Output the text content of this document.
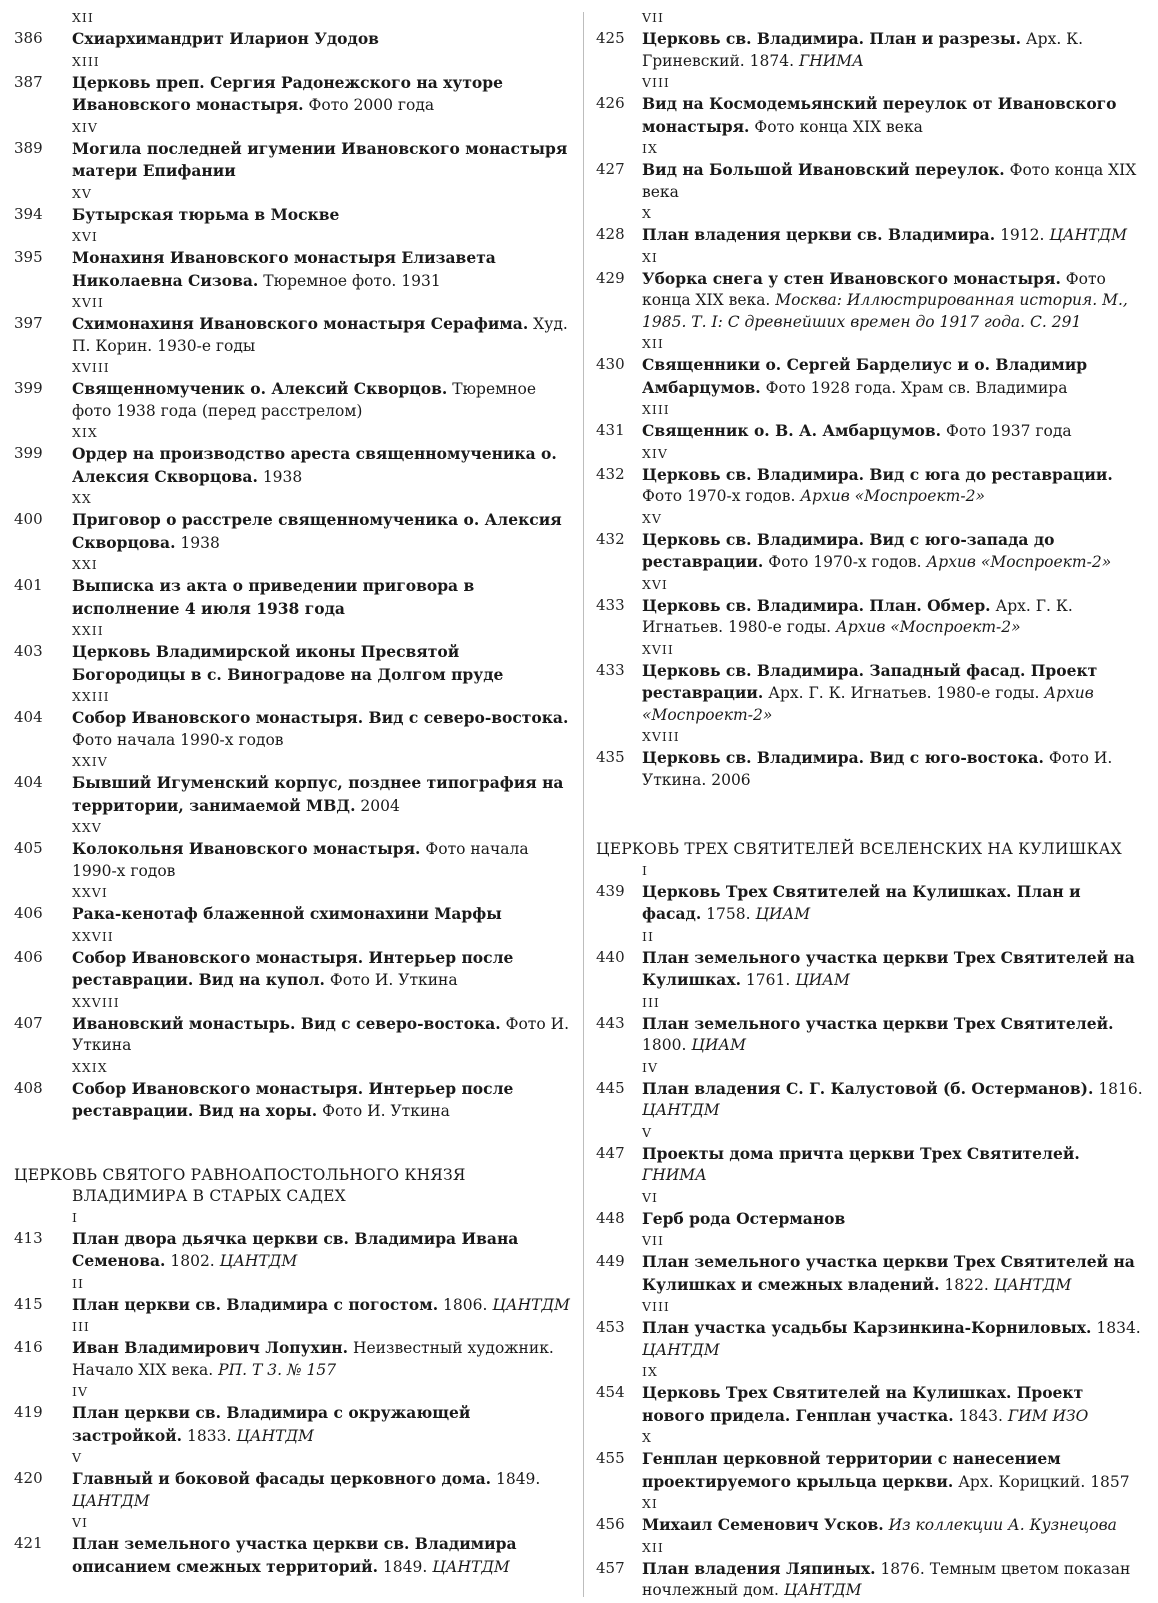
XII
386	Схиархимандрит Иларион Удодов
XIII
387	Церковь преп. Сергия Радонежского на хуторе Ивановского монастыря. Фото 2000 года
XIV
389	Могила последней игумении Ивановского монастыря матери Епифании
XV
394	Бутырская тюрьма в Москве
XVI
395	Монахиня Ивановского монастыря Елизавета Николаевна Сизова. Тюремное фото. 1931
XVII
397	Схимонахиня Ивановского монастыря Серафима. Худ. П. Корин. 1930-е годы
XVIII
399	Священномученик о. Алексий Скворцов. Тюремное фото 1938 года (перед расстрелом)
XIX
399	Ордер на производство ареста священномученика о. Алексия Скворцова. 1938
XX
400	Приговор о расстреле священномученика о. Алексия Скворцова. 1938
XXI
401	Выписка из акта о приведении приговора в исполнение 4 июля 1938 года
XXII
403	Церковь Владимирской иконы Пресвятой Богородицы в с. Виноградове на Долгом пруде
XXIII
404	Собор Ивановского монастыря. Вид с северо-востока. Фото начала 1990-х годов
XXIV
404	Бывший Игуменский корпус, позднее типография на территории, занимаемой МВД. 2004
XXV
405	Колокольня Ивановского монастыря. Фото начала 1990-х годов
XXVI
406	Рака-кенотаф блаженной схимонахини Марфы
XXVII
406	Собор Ивановского монастыря. Интерьер после реставрации. Вид на купол. Фото И. Уткина
XXVIII
407	Ивановский монастырь. Вид с северо-востока. Фото И. Уткина
XXIX
408	Собор Ивановского монастыря. Интерьер после реставрации. Вид на хоры. Фото И. Уткина
ЦЕРКОВЬ СВЯТОГО РАВНОАПОСТОЛЬНОГО КНЯЗЯ
ВЛАДИМИРА В СТАРЫХ САДЕХ
I
413	План двора дьячка церкви св. Владимира Ивана Семенова. 1802. ЦАНТДМ
II
415	План церкви св. Владимира с погостом. 1806. ЦАНТДМ
III
416	Иван Владимирович Лопухин. Неизвестный художник. Начало XIX века. РП. Т 3. № 157
IV
419	План церкви св. Владимира с окружающей застройкой. 1833. ЦАНТДМ
V
420	Главный и боковой фасады церковного дома. 1849. ЦАНТДМ
VI
421	План земельного участка церкви св. Владимира описанием смежных территорий. 1849. ЦАНТДМ
VII
425	Церковь св. Владимира. План и разрезы. Арх. К. Гриневский. 1874. ГНИМА
VIII
426	Вид на Космодемьянский переулок от Ивановского монастыря. Фото конца XIX века
IX
427	Вид на Большой Ивановский переулок. Фото конца XIX века
X
428	План владения церкви св. Владимира. 1912. ЦАНТДМ
XI
429	Уборка снега у стен Ивановского монастыря. Фото конца XIX века. Москва: Иллюстрированная история. М., 1985. Т. I: С древнейших времен до 1917 года. С. 291
XII
430	Священники о. Сергей Барделиус и о. Владимир Амбарцумов. Фото 1928 года. Храм св. Владимира
XIII
431	Священник о. В. А. Амбарцумов. Фото 1937 года
XIV
432	Церковь св. Владимира. Вид с юга до реставрации. Фото 1970-х годов. Архив «Моспроект-2»
XV
432	Церковь св. Владимира. Вид с юго-запада до реставрации. Фото 1970-х годов. Архив «Моспроект-2»
XVI
433	Церковь св. Владимира. План. Обмер. Арх. Г. К. Игнатьев. 1980-е годы. Архив «Моспроект-2»
XVII
433	Церковь св. Владимира. Западный фасад. Проект реставрации. Арх. Г. К. Игнатьев. 1980-е годы. Архив «Моспроект-2»
XVIII
435	Церковь св. Владимира. Вид с юго-востока. Фото И. Уткина. 2006
ЦЕРКОВЬ ТРЕХ СВЯТИТЕЛЕЙ ВСЕЛЕНСКИХ НА КУЛИШКАХ
I
439	Церковь Трех Святителей на Кулишках. План и фасад. 1758. ЦИАМ
II
440	План земельного участка церкви Трех Святителей на Кулишках. 1761. ЦИАМ
III
443	План земельного участка церкви Трех Святителей. 1800. ЦИАМ
IV
445	План владения С. Г. Калустовой (б. Остерманов). 1816. ЦАНТДМ
V
447	Проекты дома причта церкви Трех Святителей. ГНИМА
VI
448	Герб рода Остерманов
VII
449	План земельного участка церкви Трех Святителей на Кулишках и смежных владений. 1822. ЦАНТДМ
VIII
453	План участка усадьбы Карзинкина-Корниловых. 1834. ЦАНТДМ
IX
454	Церковь Трех Святителей на Кулишках. Проект нового придела. Генплан участка. 1843. ГИМ ИЗО
X
455	Генплан церковной территории с нанесением проектируемого крыльца церкви. Арх. Корицкий. 1857
XI
456	Михаил Семенович Усков. Из коллекции А. Кузнецова
XII
457	План владения Ляпиных. 1876. Темным цветом показан ночлежный дом. ЦАНТДМ
